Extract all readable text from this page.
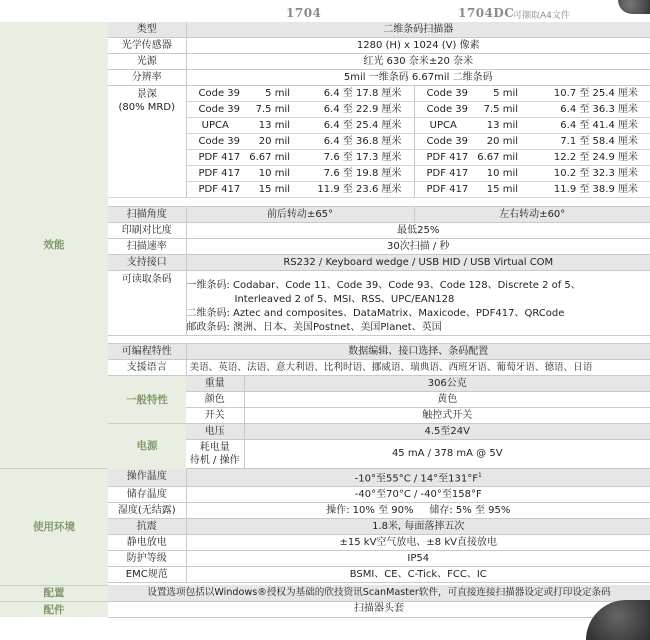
1704	1704DC
可撷取A4文件
效能	类型	二维条码扫描器					
	光学传感器	1280 (H) x 1024 (V) 像素					
	光源	红光 630 奈米±20 奈米					
	分辨率	5mil 一维条码 6.67mil 二维条码					

	景深
(80% MRD)	Code 39	5 mil	6.4 至 17.8 厘米	Code 39	5 mil	10.7 至 25.4 厘米
		Code 39	7.5 mil	6.4 至 22.9 厘米	Code 39	7.5 mil	6.4 至 36.3 厘米
		UPCA	13 mil	6.4 至 25.4 厘米	UPCA	13 mil	6.4 至 41.4 厘米
		Code 39	20 mil	6.4 至 36.8 厘米	Code 39	20 mil	7.1 至 58.4 厘米
		PDF 417	6.67 mil	7.6 至 17.3 厘米	PDF 417	6.67 mil	12.2 至 24.9 厘米
		PDF 417	10 mil	7.6 至 19.8 厘米	PDF 417	10 mil	10.2 至 32.3 厘米
		PDF 417	15 mil	11.9 至 23.6 厘米	PDF 417	15 mil	11.9 至 38.9 厘米

	扫描角度	前后转动±65°			左右转动±60°		
	印刷对比度	最低25%					
	扫描速率	30次扫描 / 秒					
	支持接口	RS232 / Keyboard wedge / USB HID / USB Virtual COM					
	可读取条码	一维条码: Codabar、Code 11、Code 39、Code 93、Code 128、Discrete 2 of 5、
Interleaved 2 of 5、MSI、RSS、UPC/EAN128
二维条码: Aztec and composites、DataMatrix、Maxicode、PDF417、QRCode
邮政条码: 澳洲、日本、美国Postnet、美国Planet、英国					

	可编程特性	数据编辑、接口选择、条码配置					
	支援语言	美语、英语、法语、意大利语、比利时语、挪威语、瑞典语、西班牙语、葡萄牙语、德语、日语					
	一般特性	重量	306公克				
		颜色	黄色				
		开关	触控式开关				
	电源	电压	4.5至24V				

		耗电量
待机 / 操作	45 mA / 378 mA @ 5V				
使用环境	操作温度	-10°至55°C / 14°至$131^\circ F^1$
	储存温度	-40°至70°C / -40°至158°F					
	湿度(无结露)	操作: 10% 至 90%     储存: 5% 至 95%					
	抗震	1.8米, 每面落摔五次					
	静电放电	±15 kV空气放电、±8 kV直接放电					
	防护等级	IP54					
	EMC规范	BSMI、CE、C-Tick、FCC、IC					

配置	设置选项包括以Windows®授权为基础的欣技资讯ScanMaster软件，可直接连接扫描器设定或打印设定条码						
配件	扫描器头套						
